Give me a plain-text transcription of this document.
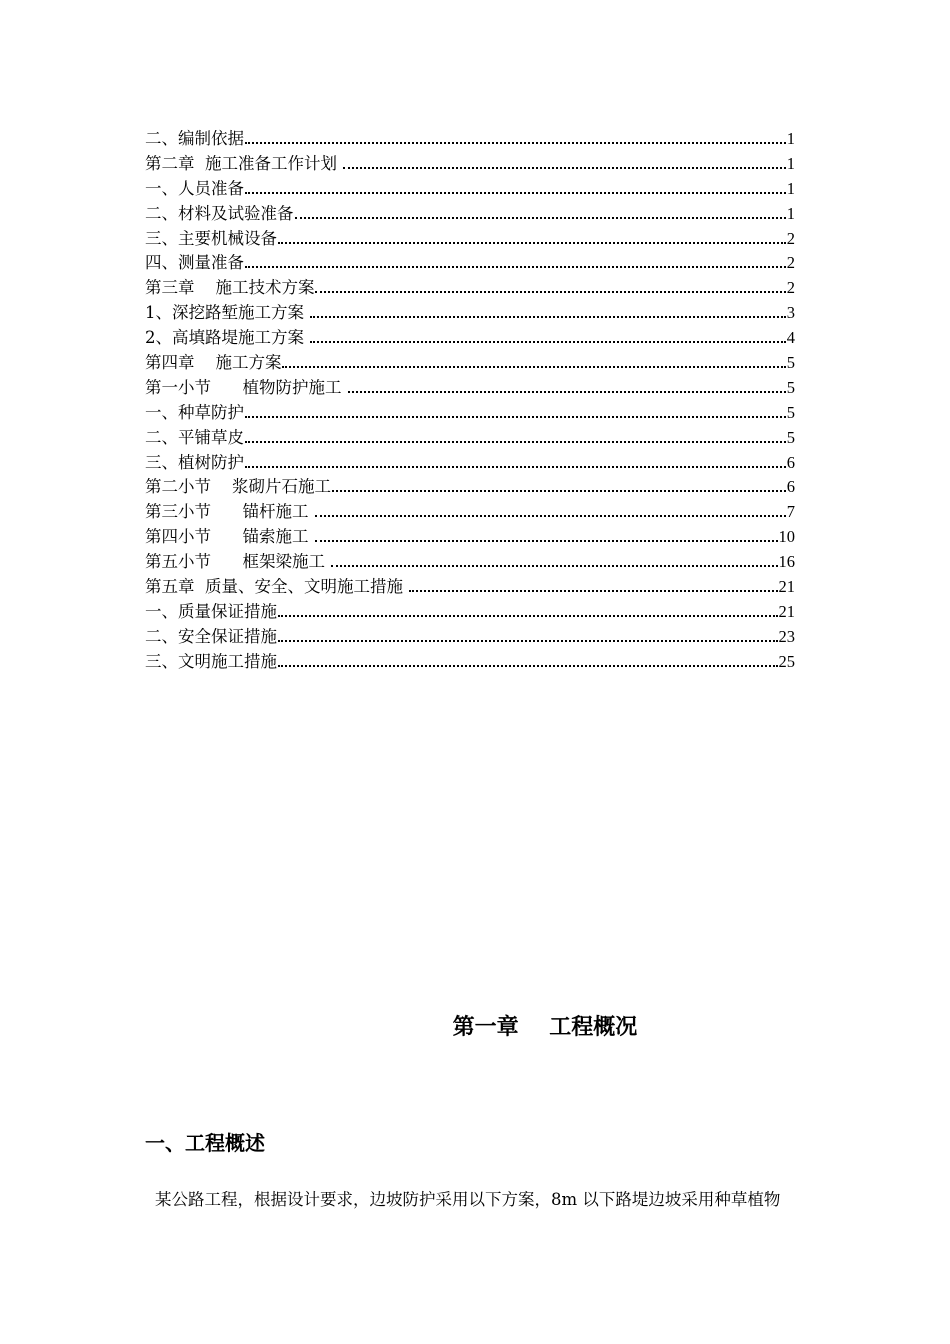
二、编制依据	1
第二章  施工准备工作计划	1
一、人员准备	1
二、材料及试验准备	1
三、主要机械设备	2
四、测量准备	2
第三章    施工技术方案	2
1、深挖路堑施工方案	3
2、高填路堤施工方案	4
第四章    施工方案	5
第一小节      植物防护施工	5
一、种草防护	5
二、平铺草皮	5
三、植树防护	6
第二小节    浆砌片石施工	6
第三小节      锚杆施工	7
第四小节      锚索施工	10
第五小节      框架梁施工	16
第五章  质量、安全、文明施工措施	21
一、质量保证措施	21
二、安全保证措施	23
三、文明施工措施	25
第一章    工程概况
一、工程概述
某公路工程，根据设计要求，边坡防护采用以下方案，8m 以下路堤边坡采用种草植物
